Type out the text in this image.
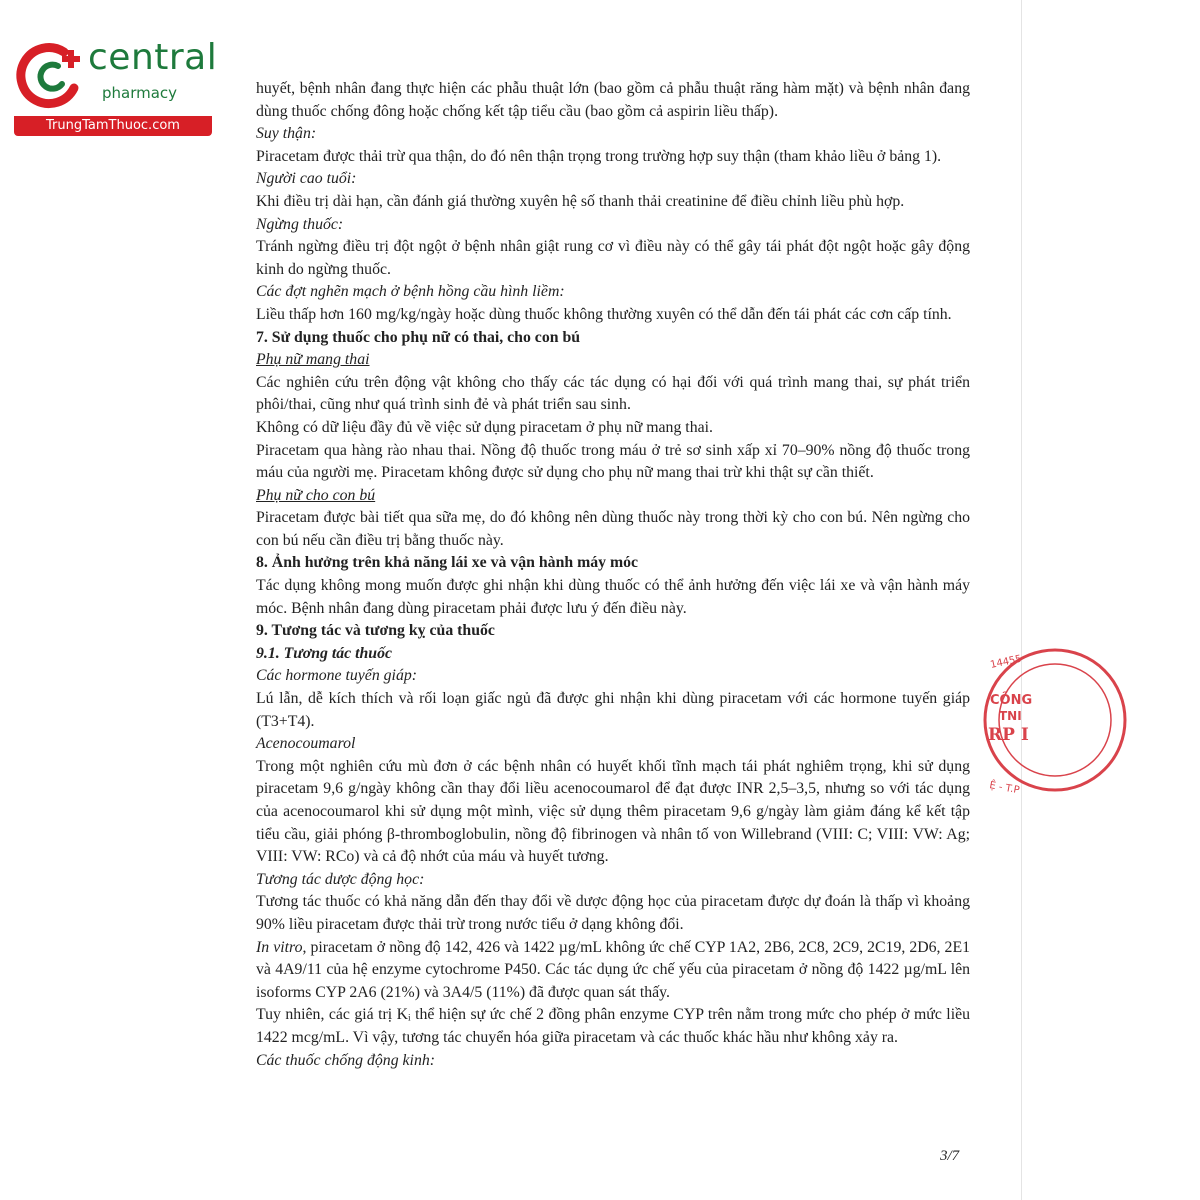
central
pharmacy
TrungTamThuoc.com

huyết, bệnh nhân đang thực hiện các phẫu thuật lớn (bao gồm cả phẫu thuật răng hàm mặt) và bệnh nhân đang dùng thuốc chống đông hoặc chống kết tập tiểu cầu (bao gồm cả aspirin liều thấp).

Suy thận:

Piracetam được thải trừ qua thận, do đó nên thận trọng trong trường hợp suy thận (tham khảo liều ở bảng 1).

Người cao tuổi:

Khi điều trị dài hạn, cần đánh giá thường xuyên hệ số thanh thải creatinine để điều chỉnh liều phù hợp.

Ngừng thuốc:

Tránh ngừng điều trị đột ngột ở bệnh nhân giật rung cơ vì điều này có thể gây tái phát đột ngột hoặc gây động kinh do ngừng thuốc.

Các đợt nghẽn mạch ở bệnh hồng cầu hình liềm:

Liều thấp hơn 160 mg/kg/ngày hoặc dùng thuốc không thường xuyên có thể dẫn đến tái phát các cơn cấp tính.

7. Sử dụng thuốc cho phụ nữ có thai, cho con bú

Phụ nữ mang thai

Các nghiên cứu trên động vật không cho thấy các tác dụng có hại đối với quá trình mang thai, sự phát triển phôi/thai, cũng như quá trình sinh đẻ và phát triển sau sinh.

Không có dữ liệu đầy đủ về việc sử dụng piracetam ở phụ nữ mang thai.

Piracetam qua hàng rào nhau thai. Nồng độ thuốc trong máu ở trẻ sơ sinh xấp xỉ 70–90% nồng độ thuốc trong máu của người mẹ. Piracetam không được sử dụng cho phụ nữ mang thai trừ khi thật sự cần thiết.

Phụ nữ cho con bú

Piracetam được bài tiết qua sữa mẹ, do đó không nên dùng thuốc này trong thời kỳ cho con bú. Nên ngừng cho con bú nếu cần điều trị bằng thuốc này.

8. Ảnh hưởng trên khả năng lái xe và vận hành máy móc

Tác dụng không mong muốn được ghi nhận khi dùng thuốc có thể ảnh hưởng đến việc lái xe và vận hành máy móc. Bệnh nhân đang dùng piracetam phải được lưu ý đến điều này.

9. Tương tác và tương kỵ của thuốc

9.1. Tương tác thuốc

Các hormone tuyến giáp:

Lú lẫn, dễ kích thích và rối loạn giấc ngủ đã được ghi nhận khi dùng piracetam với các hormone tuyến giáp (T3+T4).

Acenocoumarol

Trong một nghiên cứu mù đơn ở các bệnh nhân có huyết khối tĩnh mạch tái phát nghiêm trọng, khi sử dụng piracetam 9,6 g/ngày không cần thay đổi liều acenocoumarol để đạt được INR 2,5–3,5, nhưng so với tác dụng của acenocoumarol khi sử dụng một mình, việc sử dụng thêm piracetam 9,6 g/ngày làm giảm đáng kể kết tập tiểu cầu, giải phóng β-thromboglobulin, nồng độ fibrinogen và nhân tố von Willebrand (VIII: C; VIII: VW: Ag; VIII: VW: RCo) và cả độ nhớt của máu và huyết tương.

Tương tác dược động học:

Tương tác thuốc có khả năng dẫn đến thay đổi về dược động học của piracetam được dự đoán là thấp vì khoảng 90% liều piracetam được thải trừ trong nước tiểu ở dạng không đổi.

In vitro, piracetam ở nồng độ 142, 426 và 1422 µg/mL không ức chế CYP 1A2, 2B6, 2C8, 2C9, 2C19, 2D6, 2E1 và 4A9/11 của hệ enzyme cytochrome P450. Các tác dụng ức chế yếu của piracetam ở nồng độ 1422 µg/mL lên isoforms CYP 2A6 (21%) và 3A4/5 (11%) đã được quan sát thấy.

Tuy nhiên, các giá trị Kᵢ thể hiện sự ức chế 2 đồng phân enzyme CYP trên nằm trong mức cho phép ở mức liều 1422 mcg/mL. Vì vậy, tương tác chuyển hóa giữa piracetam và các thuốc khác hầu như không xảy ra.

Các thuốc chống động kinh:

14455
CÔNG
TNI
RP I
Ệ - T.P
3/7
